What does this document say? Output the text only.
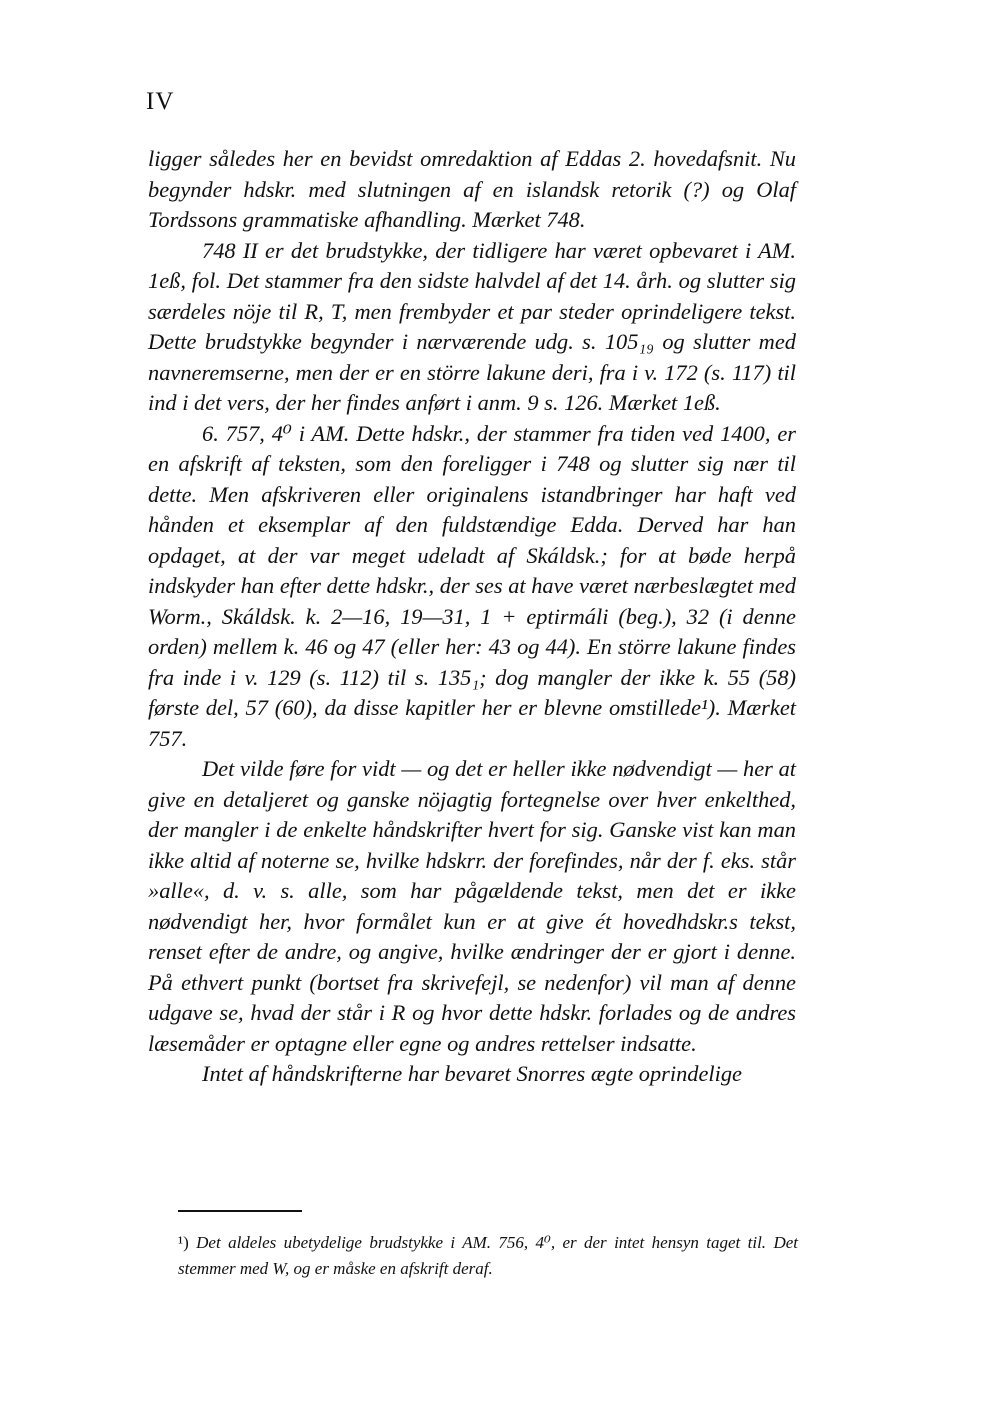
IV

ligger således her en bevidst omredaktion af Eddas 2. hovedafsnit. Nu begynder hdskr. med slutningen af en islandsk retorik (?) og Olaf Tordssons grammatiske afhandling. Mærket 748.

748 II er det brudstykke, der tidligere har været opbevaret i AM. 1eß, fol. Det stammer fra den sidste halvdel af det 14. årh. og slutter sig særdeles nöje til R, T, men frembyder et par steder oprindeligere tekst. Dette brudstykke begynder i nærværende udg. s. 105₁₉ og slutter med navneremserne, men der er en större lakune deri, fra i v. 172 (s. 117) til ind i det vers, der her findes anført i anm. 9 s. 126. Mærket 1eß.

6. 757, 4⁰ i AM. Dette hdskr., der stammer fra tiden ved 1400, er en afskrift af teksten, som den foreligger i 748 og slutter sig nær til dette. Men afskriveren eller originalens istandbringer har haft ved hånden et eksemplar af den fuldstændige Edda. Derved har han opdaget, at der var meget udeladt af Skáldsk.; for at bøde herpå indskyder han efter dette hdskr., der ses at have været nærbeslægtet med Worm., Skáldsk. k. 2—16, 19—31, 1 + eptirmáli (beg.), 32 (i denne orden) mellem k. 46 og 47 (eller her: 43 og 44). En större lakune findes fra inde i v. 129 (s. 112) til s. 135₁; dog mangler der ikke k. 55 (58) første del, 57 (60), da disse kapitler her er blevne omstillede¹). Mærket 757.

Det vilde føre for vidt — og det er heller ikke nødvendigt — her at give en detaljeret og ganske nöjagtig fortegnelse over hver enkelthed, der mangler i de enkelte håndskrifter hvert for sig. Ganske vist kan man ikke altid af noterne se, hvilke hdskrr. der forefindes, når der f. eks. står »alle«, d. v. s. alle, som har pågældende tekst, men det er ikke nødvendigt her, hvor formålet kun er at give ét hovedhdskr.s tekst, renset efter de andre, og angive, hvilke ændringer der er gjort i denne. På ethvert punkt (bortset fra skrivefejl, se nedenfor) vil man af denne udgave se, hvad der står i R og hvor dette hdskr. forlades og de andres læsemåder er optagne eller egne og andres rettelser indsatte.

Intet af håndskrifterne har bevaret Snorres ægte oprindelige

¹) Det aldeles ubetydelige brudstykke i AM. 756, 4⁰, er der intet hensyn taget til. Det stemmer med W, og er måske en afskrift deraf.
